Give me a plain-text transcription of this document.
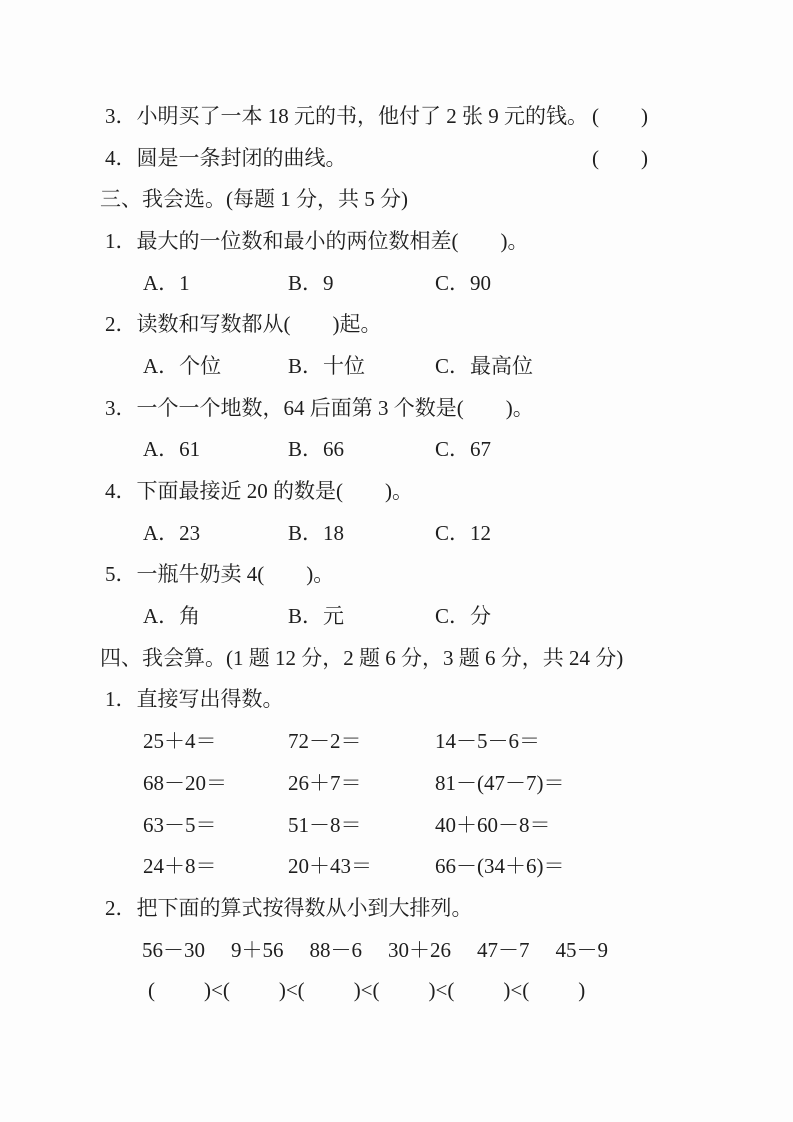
3．小明买了一本 18 元的书，他付了 2 张 9 元的钱。 (　　)
4．圆是一条封闭的曲线。	(　　)
三、我会选。(每题 1 分，共 5 分)
1．最大的一位数和最小的两位数相差(　　)。
A．1	B．9	C．90
2．读数和写数都从(　　)起。
A．个位	B．十位	C．最高位
3．一个一个地数，64 后面第 3 个数是(　　)。
A．61	B．66	C．67
4．下面最接近 20 的数是(　　)。
A．23	B．18	C．12
5．一瓶牛奶卖 4(　　)。
A．角	B．元	C．分
四、我会算。(1 题 12 分，2 题 6 分，3 题 6 分，共 24 分)
1．直接写出得数。
25＋4＝	72－2＝	14－5－6＝
68－20＝	26＋7＝	81－(47－7)＝
63－5＝	51－8＝	40＋60－8＝
24＋8＝	20＋43＝	66－(34＋6)＝
2．把下面的算式按得数从小到大排列。
56－30 9＋56 88－6 30＋26 47－7 45－9
( )<( )<( )<( )<( )<( )
